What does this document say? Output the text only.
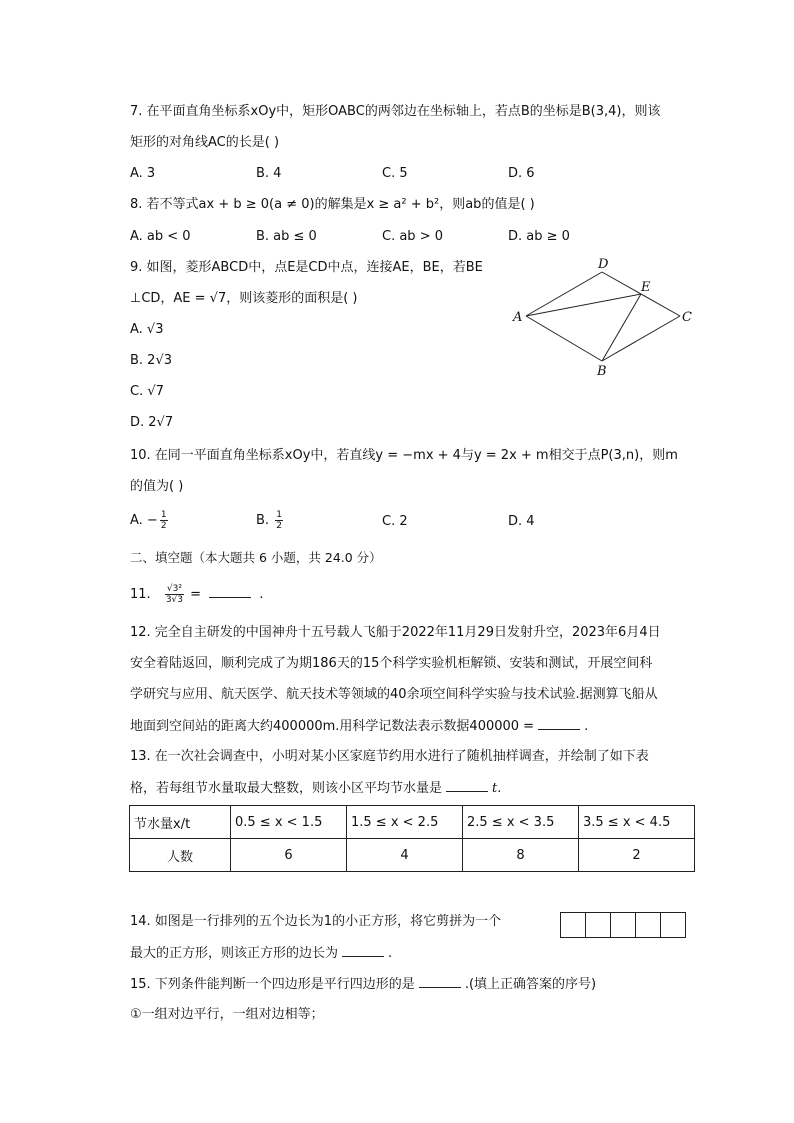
7. 在平面直角坐标系xOy中，矩形OABC的两邻边在坐标轴上，若点B的坐标是B(3,4)，则该
矩形的对角线AC的长是( )
A. 3	B. 4	C. 5	D. 6
8. 若不等式ax + b ≥ 0(a ≠ 0)的解集是x ≥ a² + b²，则ab的值是( )
A. ab < 0	B. ab ≤ 0	C. ab > 0	D. ab ≥ 0
9. 如图，菱形ABCD中，点E是CD中点，连接AE，BE，若BE
⊥CD，AE = √7，则该菱形的面积是( )
A. √3
B. 2√3
C. √7
D. 2√7
A
D
E
C
B
10. 在同一平面直角坐标系xOy中，若直线y = −mx + 4与y = 2x + m相交于点P(3,n)，则m
的值为( )
A. − $\frac{1}{2}$	B. $\frac{1}{2}$	C. 2	D. 4
二、填空题（本大题共 6 小题，共 24.0 分）
11. $\frac{\text{√3²}}{3√3}$ =	.
12. 完全自主研发的中国神舟十五号载人飞船于2022年11月29日发射升空，2023年6月4日
安全着陆返回，顺利完成了为期186天的15个科学实验机柜解锁、安装和测试，开展空间科
学研究与应用、航天医学、航天技术等领域的40余项空间科学实验与技术试验.据测算飞船从
地面到空间站的距离大约400000m.用科学记数法表示数据400000 =	.
13. 在一次社会调查中，小明对某小区家庭节约用水进行了随机抽样调查，并绘制了如下表
格，若每组节水量取最大整数，则该小区平均节水量是	t.
节水量x/t	0.5 ≤ x < 1.5	1.5 ≤ x < 2.5	2.5 ≤ x < 3.5	3.5 ≤ x < 4.5
人数	6	4	8	2
14. 如图是一行排列的五个边长为1的小正方形，将它剪拼为一个
最大的正方形，则该正方形的边长为	.
15. 下列条件能判断一个四边形是平行四边形的是	.(填上正确答案的序号)
①一组对边平行，一组对边相等；
